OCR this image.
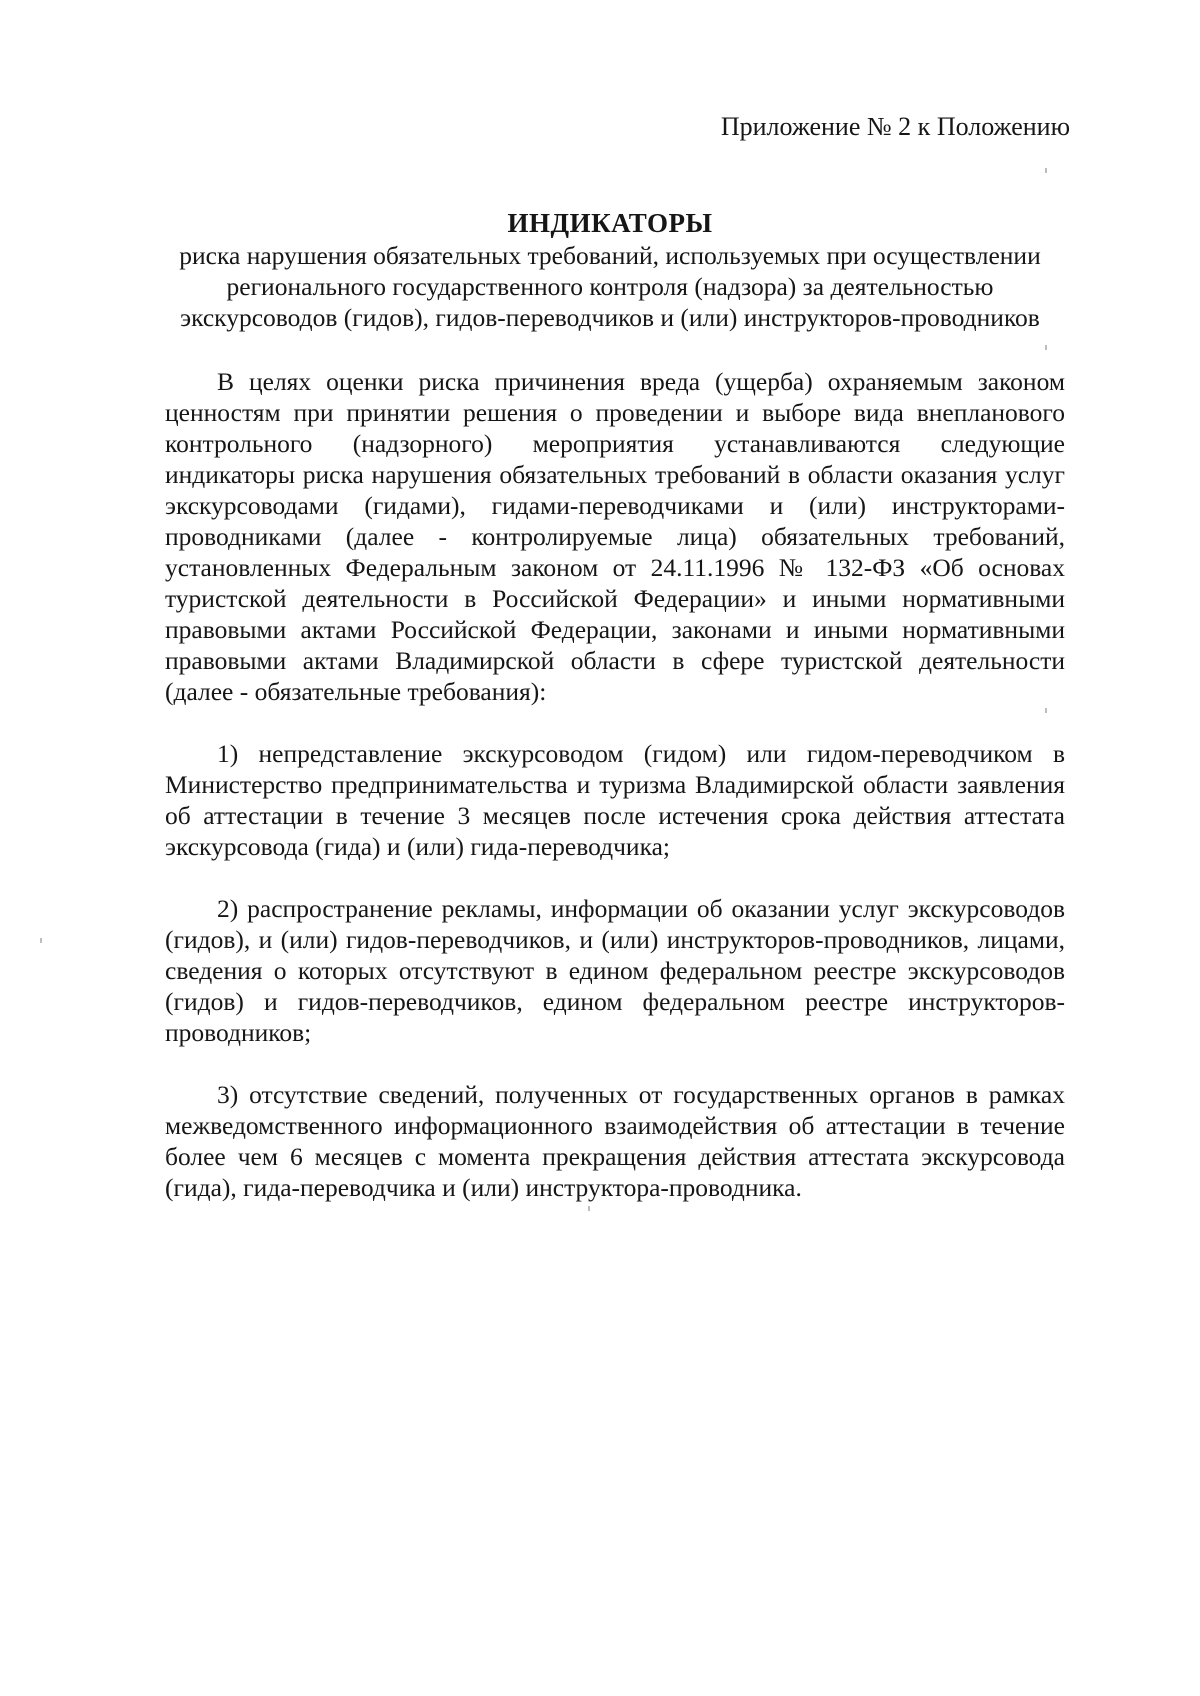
Приложение № 2 к Положению
ИНДИКАТОРЫ

риска нарушения обязательных требований, используемых при осуществлении регионального государственного контроля (надзора) за деятельностью экскурсоводов (гидов), гидов-переводчиков и (или) инструкторов-проводников

В целях оценки риска причинения вреда (ущерба) охраняемым законом ценностям при принятии решения о проведении и выборе вида внепланового контрольного (надзорного) мероприятия устанавливаются следующие индикаторы риска нарушения обязательных требований в области оказания услуг экскурсоводами (гидами), гидами-переводчиками и (или) инструкторами-проводниками (далее - контролируемые лица) обязательных требований, установленных Федеральным законом от 24.11.1996 № 132-ФЗ «Об основах туристской деятельности в Российской Федерации» и иными нормативными правовыми актами Российской Федерации, законами и иными нормативными правовыми актами Владимирской области в сфере туристской деятельности (далее - обязательные требования):

1) непредставление экскурсоводом (гидом) или гидом-переводчиком в Министерство предпринимательства и туризма Владимирской области заявления об аттестации в течение 3 месяцев после истечения срока действия аттестата экскурсовода (гида) и (или) гида-переводчика;

2) распространение рекламы, информации об оказании услуг экскурсоводов (гидов), и (или) гидов-переводчиков, и (или) инструкторов-проводников, лицами, сведения о которых отсутствуют в едином федеральном реестре экскурсоводов (гидов) и гидов-переводчиков, едином федеральном реестре инструкторов-проводников;

3) отсутствие сведений, полученных от государственных органов в рамках межведомственного информационного взаимодействия об аттестации в течение более чем 6 месяцев с момента прекращения действия аттестата экскурсовода (гида), гида-переводчика и (или) инструктора-проводника.
